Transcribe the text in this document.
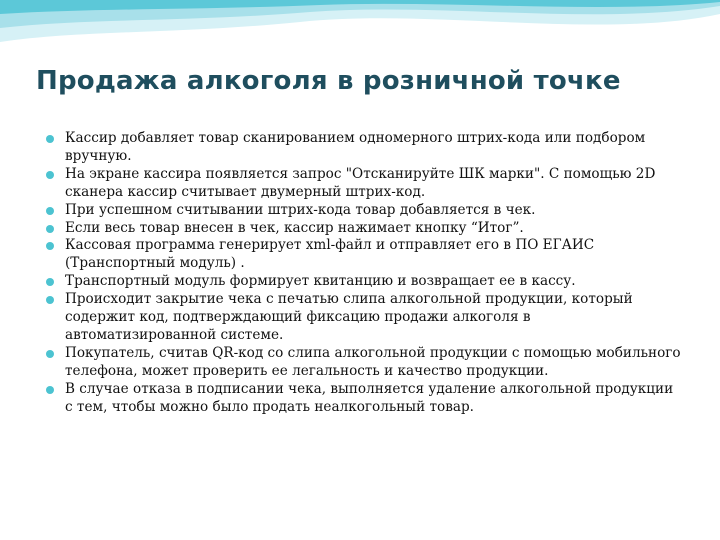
Продажа алкоголя в розничной точке
Кассир добавляет товар сканированием одномерного штрих-кода или подбором вручную.
На экране кассира появляется запрос "Отсканируйте ШК марки". С помощью 2D сканера кассир считывает двумерный штрих-код.
При успешном считывании штрих-кода товар добавляется в чек.
Если весь товар внесен в чек, кассир нажимает кнопку “Итог”.
Кассовая программа генерирует xml-файл и отправляет его в ПО ЕГАИС (Транспортный модуль) .
Транспортный модуль формирует квитанцию и возвращает ее в кассу.
Происходит закрытие чека с печатью слипа алкогольной продукции, который содержит код, подтверждающий фиксацию продажи алкоголя в автоматизированной системе.
Покупатель, считав QR-код со слипа алкогольной продукции с помощью мобильного телефона, может проверить ее легальность и качество продукции.
В случае отказа в подписании чека, выполняется удаление алкогольной продукции с тем, чтобы можно было продать неалкогольный товар.
